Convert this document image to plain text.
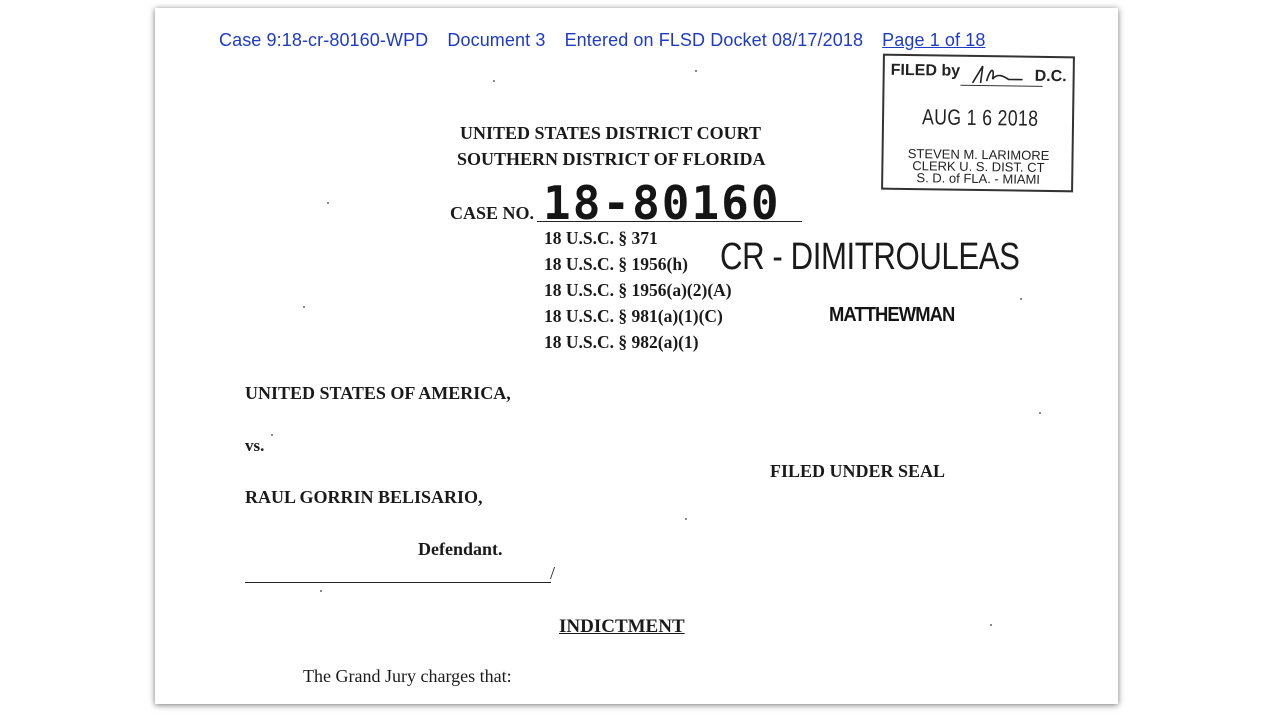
Case 9:18-cr-80160-WPD Document 3 Entered on FLSD Docket 08/17/2018 Page 1 of 18
FILED by	D.C.
AUG 1 6 2018
STEVEN M. LARIMORE
CLERK U. S. DIST. CT
S. D. of FLA. - MIAMI
UNITED STATES DISTRICT COURT
SOUTHERN DISTRICT OF FLORIDA
CASE NO. 18-80160
18 U.S.C. § 371
18 U.S.C. § 1956(h)
18 U.S.C. § 1956(a)(2)(A)
18 U.S.C. § 981(a)(1)(C)
18 U.S.C. § 982(a)(1)
CR - DIMITROULEAS
MATTHEWMAN
UNITED STATES OF AMERICA,
vs.
FILED UNDER SEAL
RAUL GORRIN BELISARIO,
Defendant.
/
INDICTMENT
The Grand Jury charges that:
